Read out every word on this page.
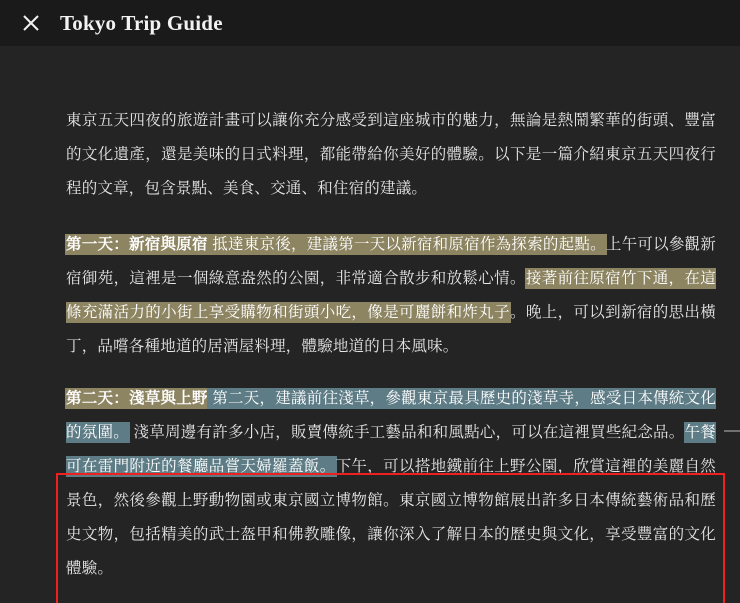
Tokyo Trip Guide

東京五天四夜的旅遊計畫可以讓你充分感受到這座城市的魅力，無論是熱鬧繁華的街頭、豐富的文化遺產，還是美味的日式料理，都能帶給你美好的體驗。以下是一篇介紹東京五天四夜行程的文章，包含景點、美食、交通、和住宿的建議。

第一天：新宿與原宿 抵達東京後，建議第一天以新宿和原宿作為探索的起點。上午可以參觀新宿御苑，這裡是一個綠意盎然的公園，非常適合散步和放鬆心情。接著前往原宿竹下通，在這條充滿活力的小街上享受購物和街頭小吃，像是可麗餅和炸丸子。晚上，可以到新宿的思出橫丁，品嚐各種地道的居酒屋料理，體驗地道的日本風味。

第二天：淺草與上野 第二天，建議前往淺草，參觀東京最具歷史的淺草寺，感受日本傳統文化的氛圍。 淺草周邊有許多小店，販賣傳統手工藝品和和風點心，可以在這裡買些紀念品。午餐可在雷門附近的餐廳品嘗天婦羅蓋飯。下午，可以搭地鐵前往上野公園，欣賞這裡的美麗自然景色，然後參觀上野動物園或東京國立博物館。東京國立博物館展出許多日本傳統藝術品和歷史文物，包括精美的武士盔甲和佛教雕像，讓你深入了解日本的歷史與文化，享受豐富的文化體驗。
